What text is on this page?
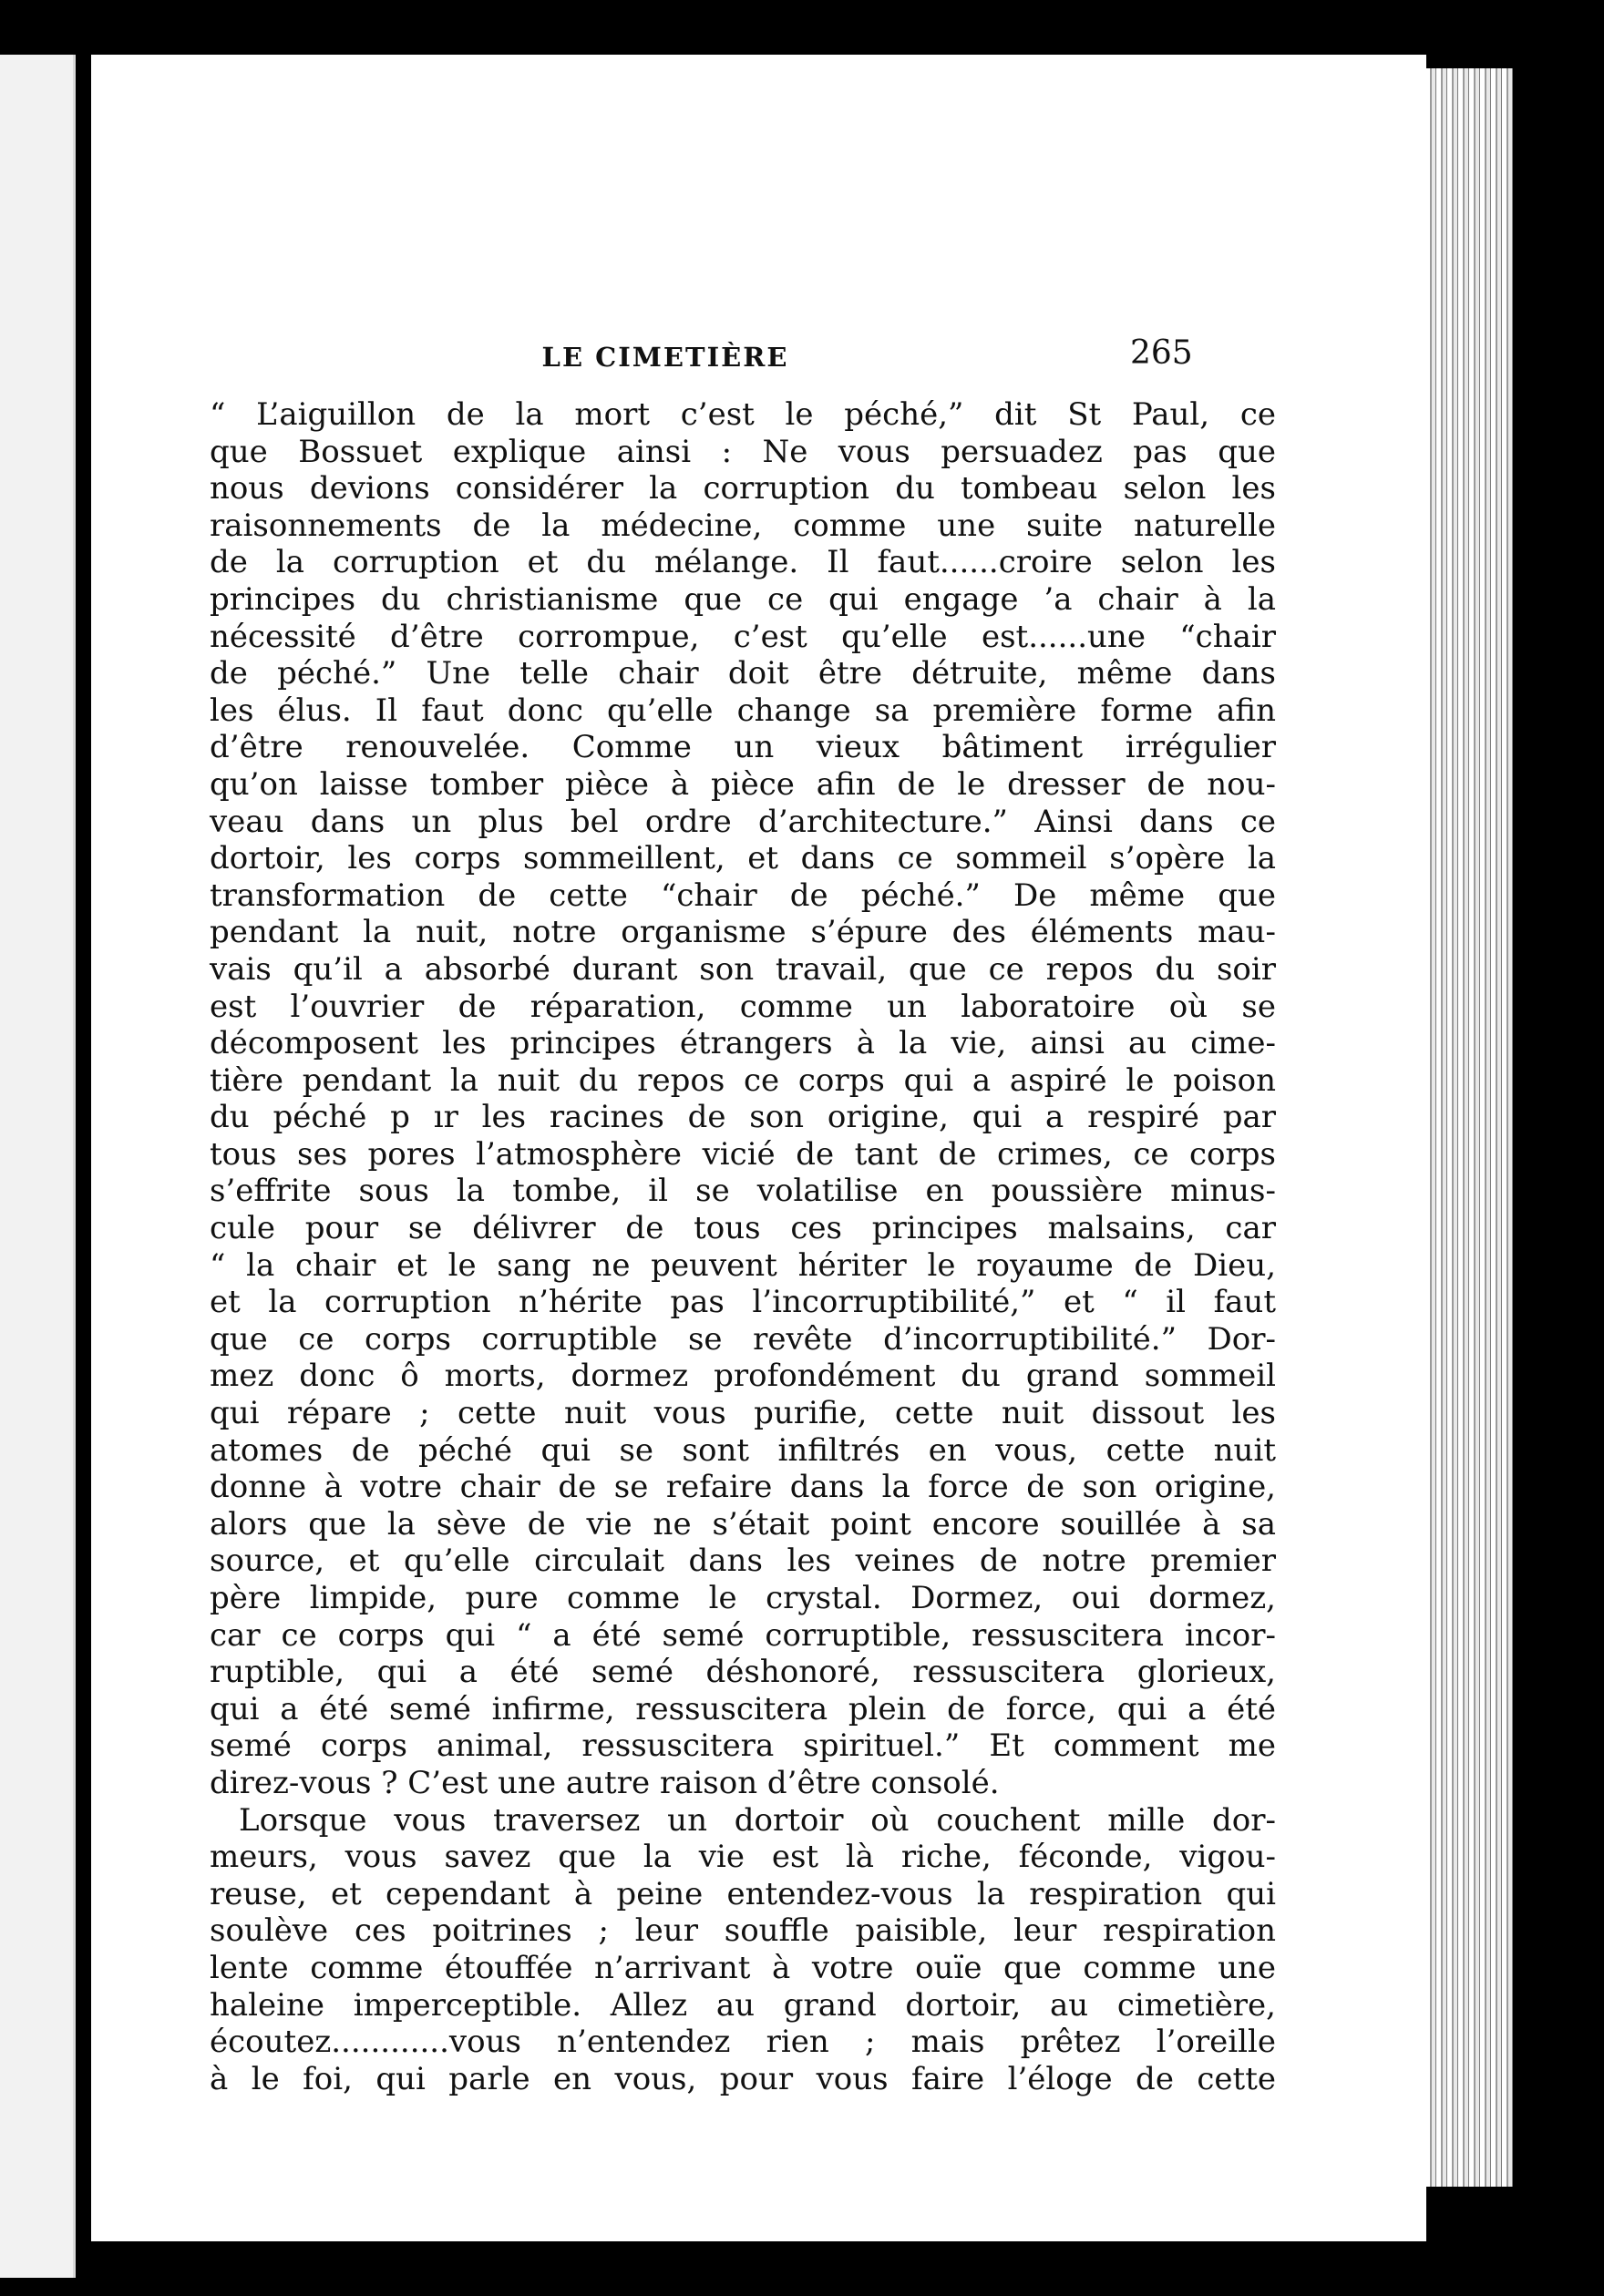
LE CIMETIÈRE	265
“ L’aiguillon de la mort c’est le péché,” dit St Paul, ce
que Bossuet explique ainsi : Ne vous persuadez pas que
nous devions considérer la corruption du tombeau selon les
raisonnements de la médecine, comme une suite naturelle
de la corruption et du mélange. Il faut......croire selon les
principes du christianisme que ce qui engage ’a chair à la
nécessité d’être corrompue, c’est qu’elle est......une “chair
de péché.” Une telle chair doit être détruite, même dans
les élus. Il faut donc qu’elle change sa première forme afin
d’être renouvelée. Comme un vieux bâtiment irrégulier
qu’on laisse tomber pièce à pièce afin de le dresser de nou-
veau dans un plus bel ordre d’architecture.” Ainsi dans ce
dortoir, les corps sommeillent, et dans ce sommeil s’opère la
transformation de cette “chair de péché.” De même que
pendant la nuit, notre organisme s’épure des éléments mau-
vais qu’il a absorbé durant son travail, que ce repos du soir
est l’ouvrier de réparation, comme un laboratoire où se
décomposent les principes étrangers à la vie, ainsi au cime-
tière pendant la nuit du repos ce corps qui a aspiré le poison
du péché p ır les racines de son origine, qui a respiré par
tous ses pores l’atmosphère vicié de tant de crimes, ce corps
s’effrite sous la tombe, il se volatilise en poussière minus-
cule pour se délivrer de tous ces principes malsains, car
“ la chair et le sang ne peuvent hériter le royaume de Dieu,
et la corruption n’hérite pas l’incorruptibilité,” et “ il faut
que ce corps corruptible se revête d’incorruptibilité.” Dor-
mez donc ô morts, dormez profondément du grand sommeil
qui répare ; cette nuit vous purifie, cette nuit dissout les
atomes de péché qui se sont infiltrés en vous, cette nuit
donne à votre chair de se refaire dans la force de son origine,
alors que la sève de vie ne s’était point encore souillée à sa
source, et qu’elle circulait dans les veines de notre premier
père limpide, pure comme le crystal. Dormez, oui dormez,
car ce corps qui “ a été semé corruptible, ressuscitera incor-
ruptible, qui a été semé déshonoré, ressuscitera glorieux,
qui a été semé infirme, ressuscitera plein de force, qui a été
semé corps animal, ressuscitera spirituel.” Et comment me
direz-vous ? C’est une autre raison d’être consolé.
Lorsque vous traversez un dortoir où couchent mille dor-
meurs, vous savez que la vie est là riche, féconde, vigou-
reuse, et cependant à peine entendez-vous la respiration qui
soulève ces poitrines ; leur souffle paisible, leur respiration
lente comme étouffée n’arrivant à votre ouïe que comme une
haleine imperceptible. Allez au grand dortoir, au cimetière,
écoutez............vous n’entendez rien ; mais prêtez l’oreille
à le foi, qui parle en vous, pour vous faire l’éloge de cette
